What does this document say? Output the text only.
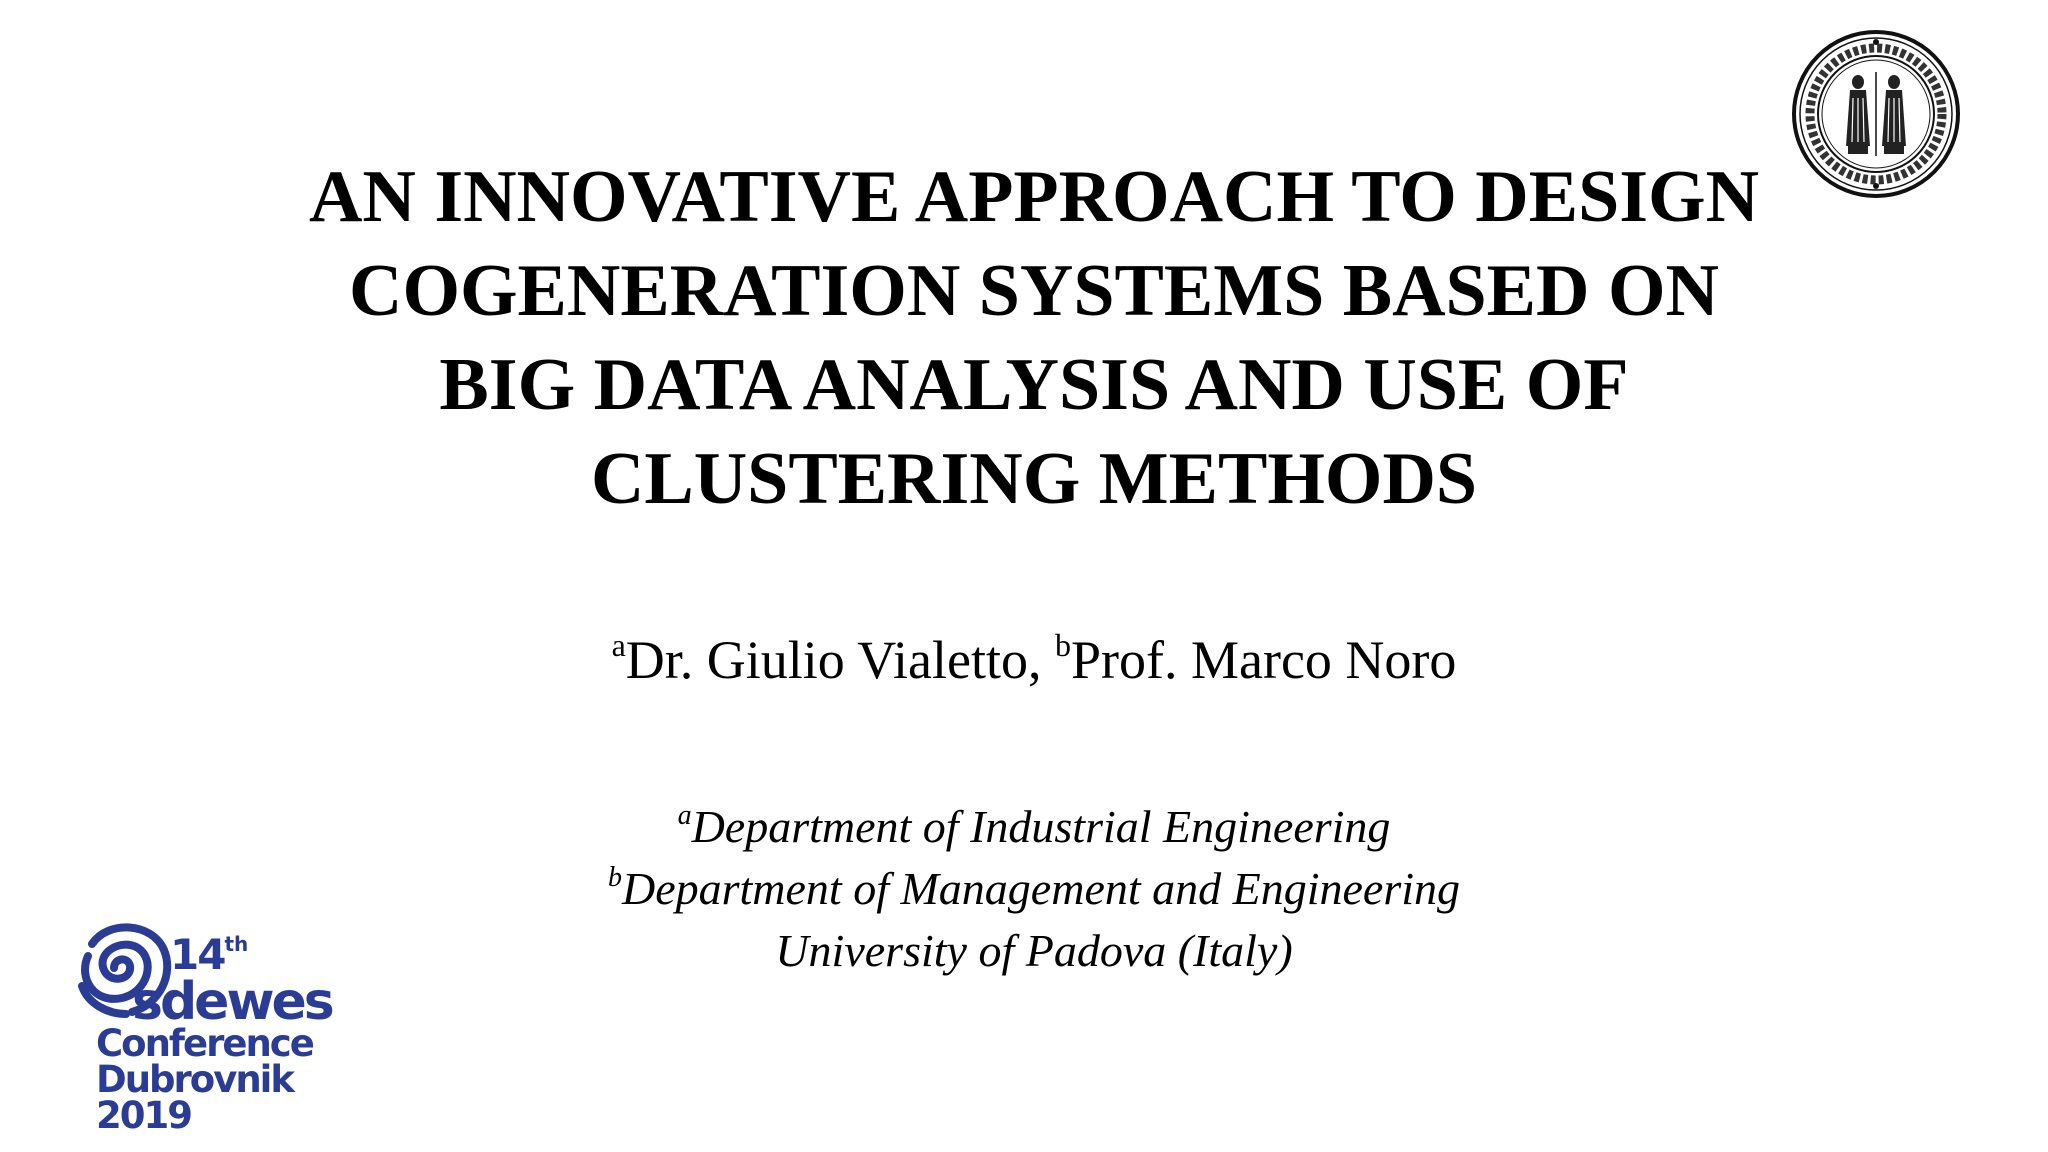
AN INNOVATIVE APPROACH TO DESIGN
COGENERATION SYSTEMS BASED ON
BIG DATA ANALYSIS AND USE OF
CLUSTERING METHODS
$^a$Dr. Giulio Vialetto, $^b$Prof. Marco Noro
$^a$Department of Industrial Engineering
$^b$Department of Management and Engineering
University of Padova (Italy)
14th
sdewes
Conference
Dubrovnik
2019
